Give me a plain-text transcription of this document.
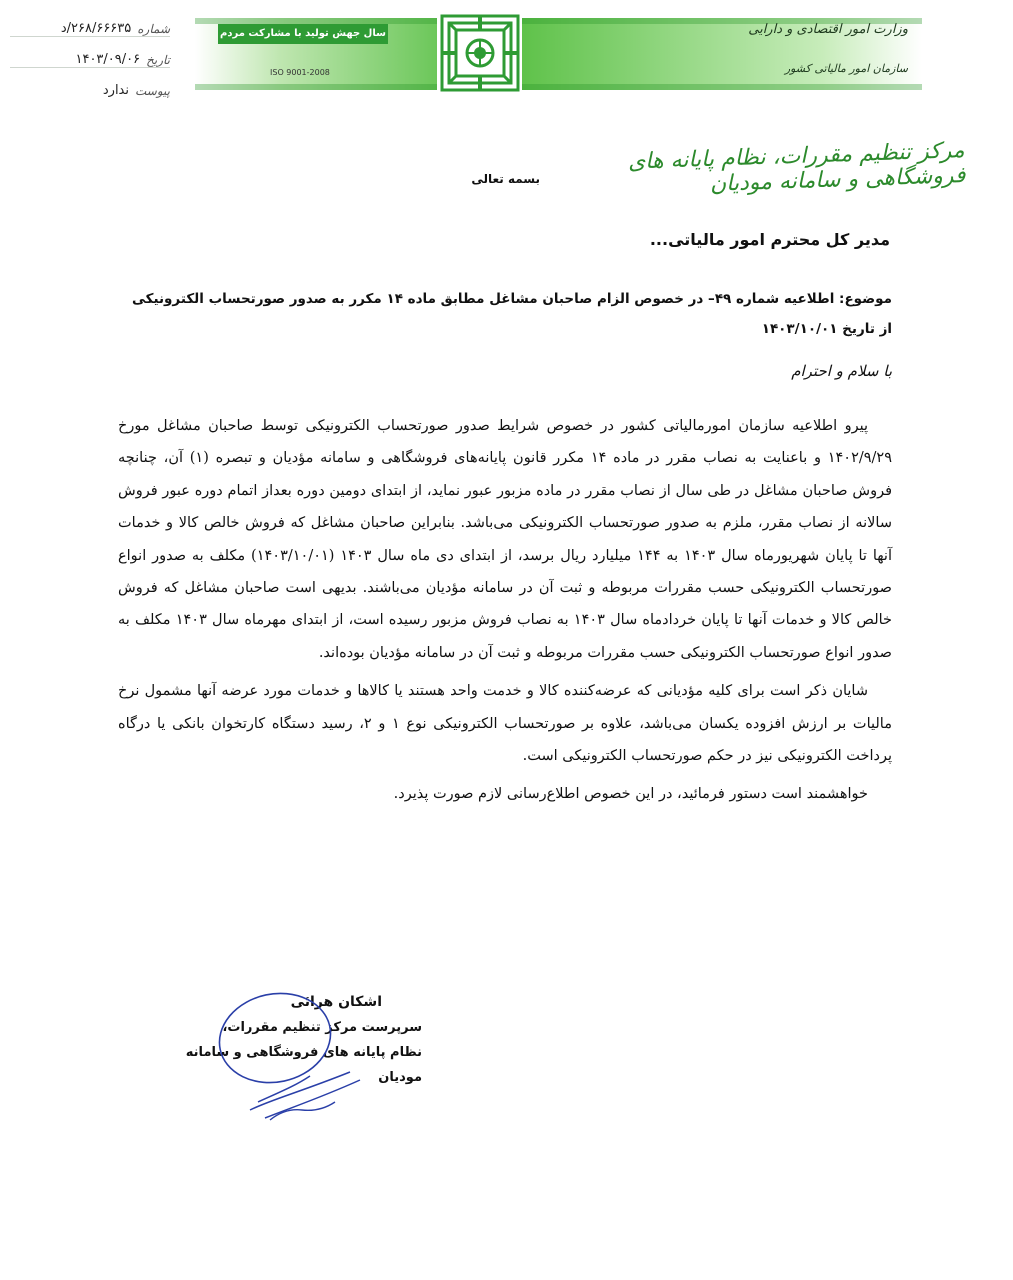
شماره
۲۶۸/۶۶۶۳۵/د
تاریخ
۱۴۰۳/۰۹/۰۶
پیوست
ندارد
سال جهش تولید با مشارکت مردم
ISO 9001-2008
وزارت امور اقتصادی و دارایی
سازمان امور مالیاتی کشور
مرکز تنظیم مقررات، نظام پایانه های فروشگاهی و سامانه مودیان
بسمه تعالی
مدیر کل محترم امور مالیاتی...
موضوع: اطلاعیه شماره ۴۹– در خصوص الزام صاحبان مشاغل مطابق ماده ۱۴ مکرر به صدور صورتحساب الکترونیکی از تاریخ ۱۴۰۳/۱۰/۰۱
با سلام و احترام

پیرو اطلاعیه سازمان امورمالیاتی کشور در خصوص شرایط صدور صورتحساب الکترونیکی توسط صاحبان مشاغل مورخ ۱۴۰۲/۹/۲۹ و باعنایت به نصاب مقرر در ماده ۱۴ مکرر قانون پایانه‌های فروشگاهی و سامانه مؤدیان و تبصره (۱) آن، چنانچه فروش صاحبان مشاغل در طی سال از نصاب مقرر در ماده مزبور عبور نماید، از ابتدای دومین دوره بعداز اتمام دوره عبور فروش سالانه از نصاب مقرر، ملزم به صدور صورتحساب الکترونیکی می‌باشد. بنابراین صاحبان مشاغل که فروش خالص کالا و خدمات آنها تا پایان شهریورماه سال ۱۴۰۳ به ۱۴۴ میلیارد ریال برسد، از ابتدای دی ماه سال ۱۴۰۳ (۱۴۰۳/۱۰/۰۱) مکلف به صدور انواع صورتحساب الکترونیکی حسب مقررات مربوطه و ثبت آن در سامانه مؤدیان می‌باشند. بدیهی است صاحبان مشاغل که فروش خالص کالا و خدمات آنها تا پایان خردادماه سال ۱۴۰۳ به نصاب فروش مزبور رسیده است، از ابتدای مهرماه سال ۱۴۰۳ مکلف به صدور انواع صورتحساب الکترونیکی حسب مقررات مربوطه و ثبت آن در سامانه مؤدیان بوده‌اند.

شایان ذکر است برای کلیه مؤدیانی که عرضه‌کننده کالا و خدمت واحد هستند یا کالاها و خدمات مورد عرضه آنها مشمول نرخ مالیات بر ارزش افزوده یکسان می‌باشد، علاوه بر صورتحساب الکترونیکی نوع ۱ و ۲، رسید دستگاه کارتخوان بانکی یا درگاه پرداخت الکترونیکی نیز در حکم صورتحساب الکترونیکی است.

خواهشمند است دستور فرمائید، در این خصوص اطلاع‌رسانی لازم صورت پذیرد.

اشکان هرائی
سرپرست مرکز تنظیم مقررات،
نظام پایانه های فروشگاهی و سامانه مودیان
